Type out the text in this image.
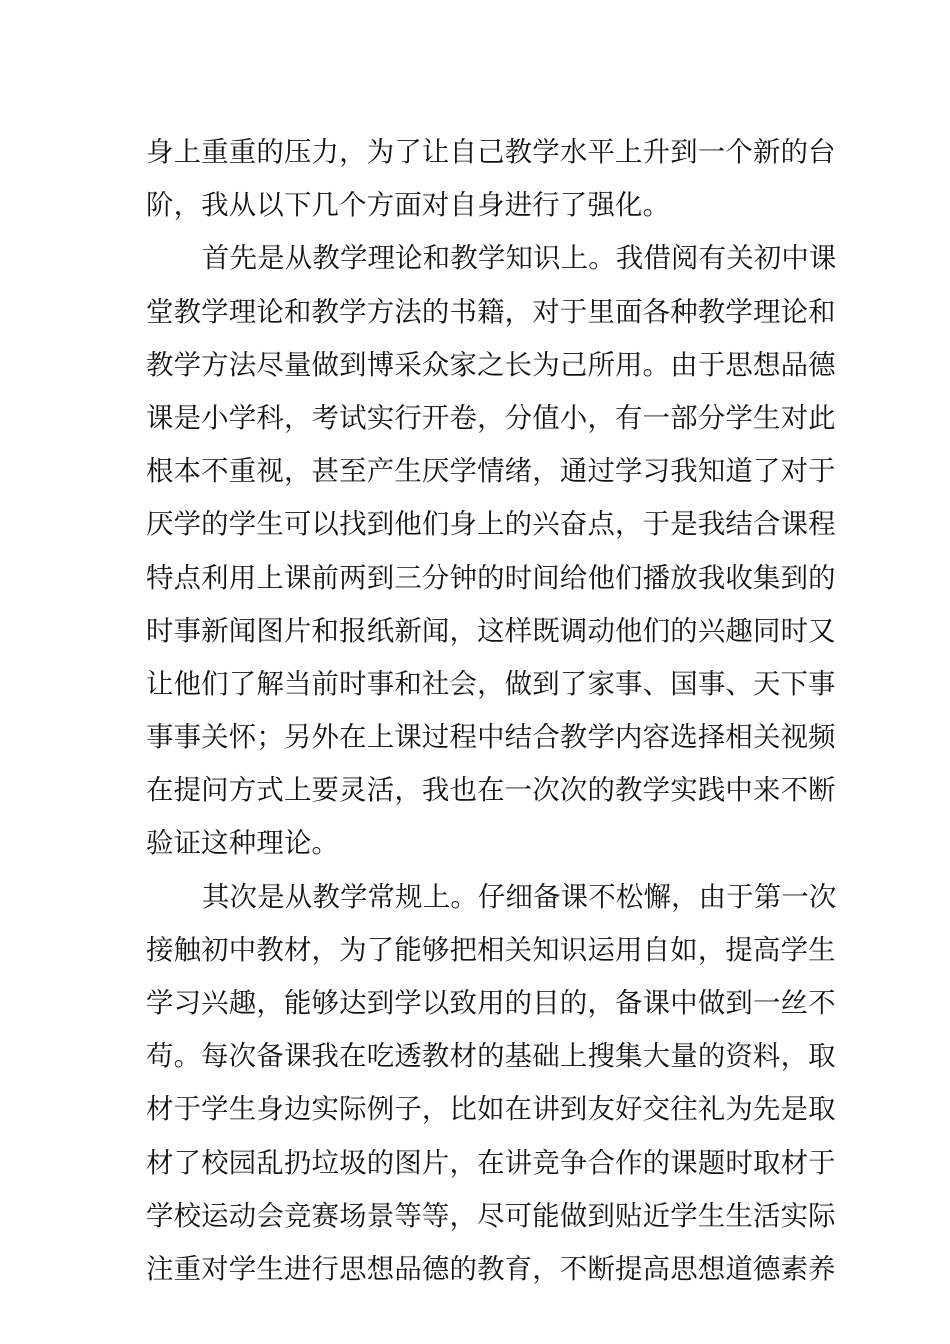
身上重重的压力，为了让自己教学水平上升到一个新的台
阶，我从以下几个方面对自身进行了强化。
首先是从教学理论和教学知识上。我借阅有关初中课
堂教学理论和教学方法的书籍，对于里面各种教学理论和
教学方法尽量做到博采众家之长为己所用。由于思想品德
课是小学科，考试实行开卷，分值小，有一部分学生对此
根本不重视，甚至产生厌学情绪，通过学习我知道了对于
厌学的学生可以找到他们身上的兴奋点，于是我结合课程
特点利用上课前两到三分钟的时间给他们播放我收集到的
时事新闻图片和报纸新闻，这样既调动他们的兴趣同时又
让他们了解当前时事和社会，做到了家事、国事、天下事
事事关怀；另外在上课过程中结合教学内容选择相关视频
在提问方式上要灵活，我也在一次次的教学实践中来不断
验证这种理论。
其次是从教学常规上。仔细备课不松懈，由于第一次
接触初中教材，为了能够把相关知识运用自如，提高学生
学习兴趣，能够达到学以致用的目的，备课中做到一丝不
苟。每次备课我在吃透教材的基础上搜集大量的资料，取
材于学生身边实际例子，比如在讲到友好交往礼为先是取
材了校园乱扔垃圾的图片，在讲竞争合作的课题时取材于
学校运动会竞赛场景等等，尽可能做到贴近学生生活实际
注重对学生进行思想品德的教育，不断提高思想道德素养
